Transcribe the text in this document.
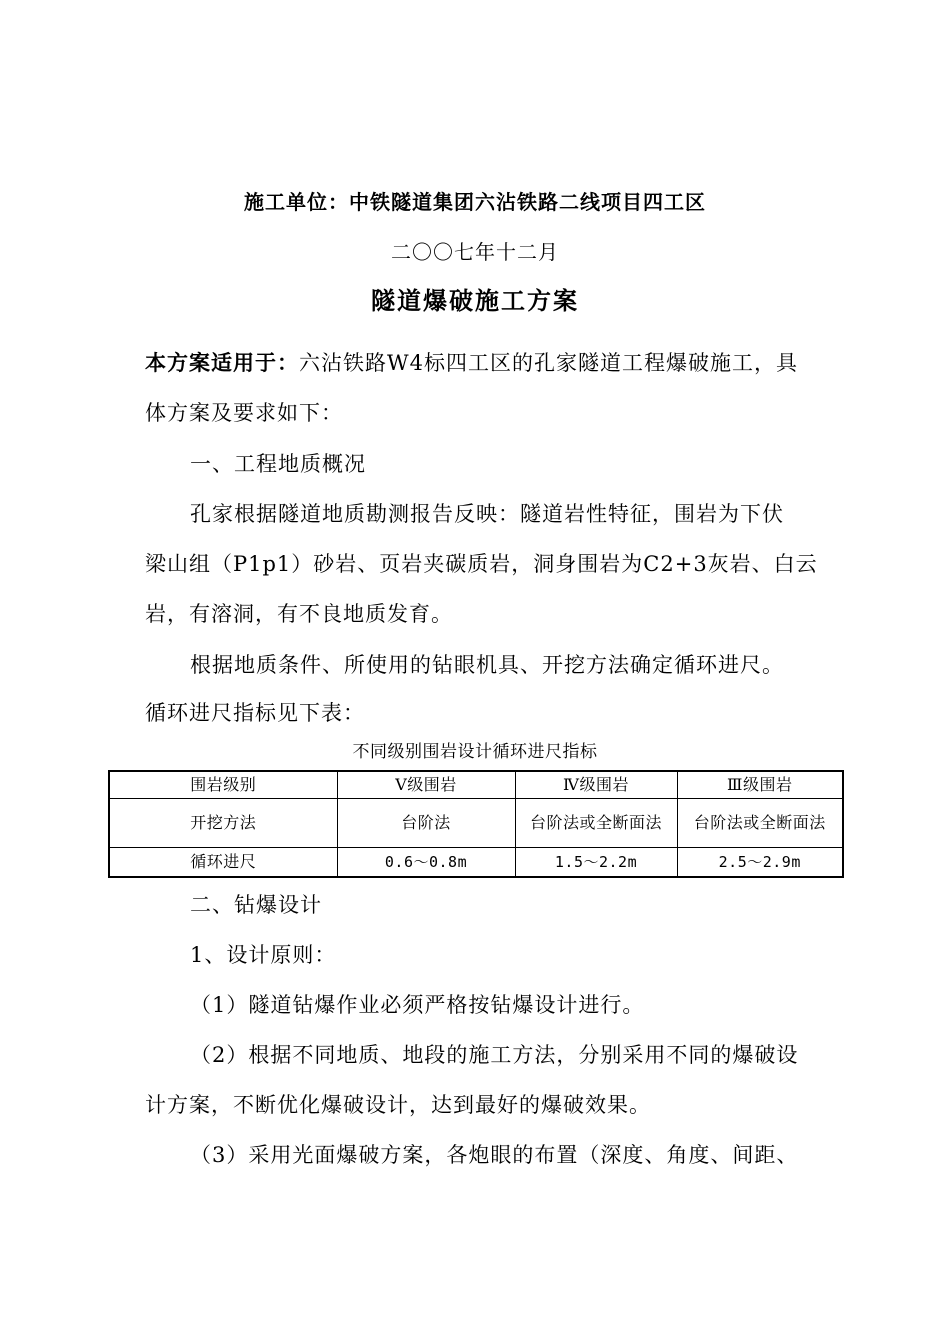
施工单位：中铁隧道集团六沾铁路二线项目四工区
二〇〇七年十二月
隧道爆破施工方案
本方案适用于：六沾铁路W4标四工区的孔家隧道工程爆破施工，具
体方案及要求如下：
一、工程地质概况
孔家根据隧道地质勘测报告反映：隧道岩性特征，围岩为下伏
梁山组（P1p1）砂岩、页岩夹碳质岩，洞身围岩为C2+3灰岩、白云
岩，有溶洞，有不良地质发育。
根据地质条件、所使用的钻眼机具、开挖方法确定循环进尺。
循环进尺指标见下表：
不同级别围岩设计循环进尺指标
围岩级别	Ⅴ级围岩	Ⅳ级围岩	Ⅲ级围岩
开挖方法	台阶法	台阶法或全断面法	台阶法或全断面法
循环进尺	0.6～0.8m	1.5～2.2m	2.5～2.9m
二、钻爆设计
1、设计原则：
（1）隧道钻爆作业必须严格按钻爆设计进行。
（2）根据不同地质、地段的施工方法，分别采用不同的爆破设
计方案，不断优化爆破设计，达到最好的爆破效果。
（3）采用光面爆破方案，各炮眼的布置（深度、角度、间距、
